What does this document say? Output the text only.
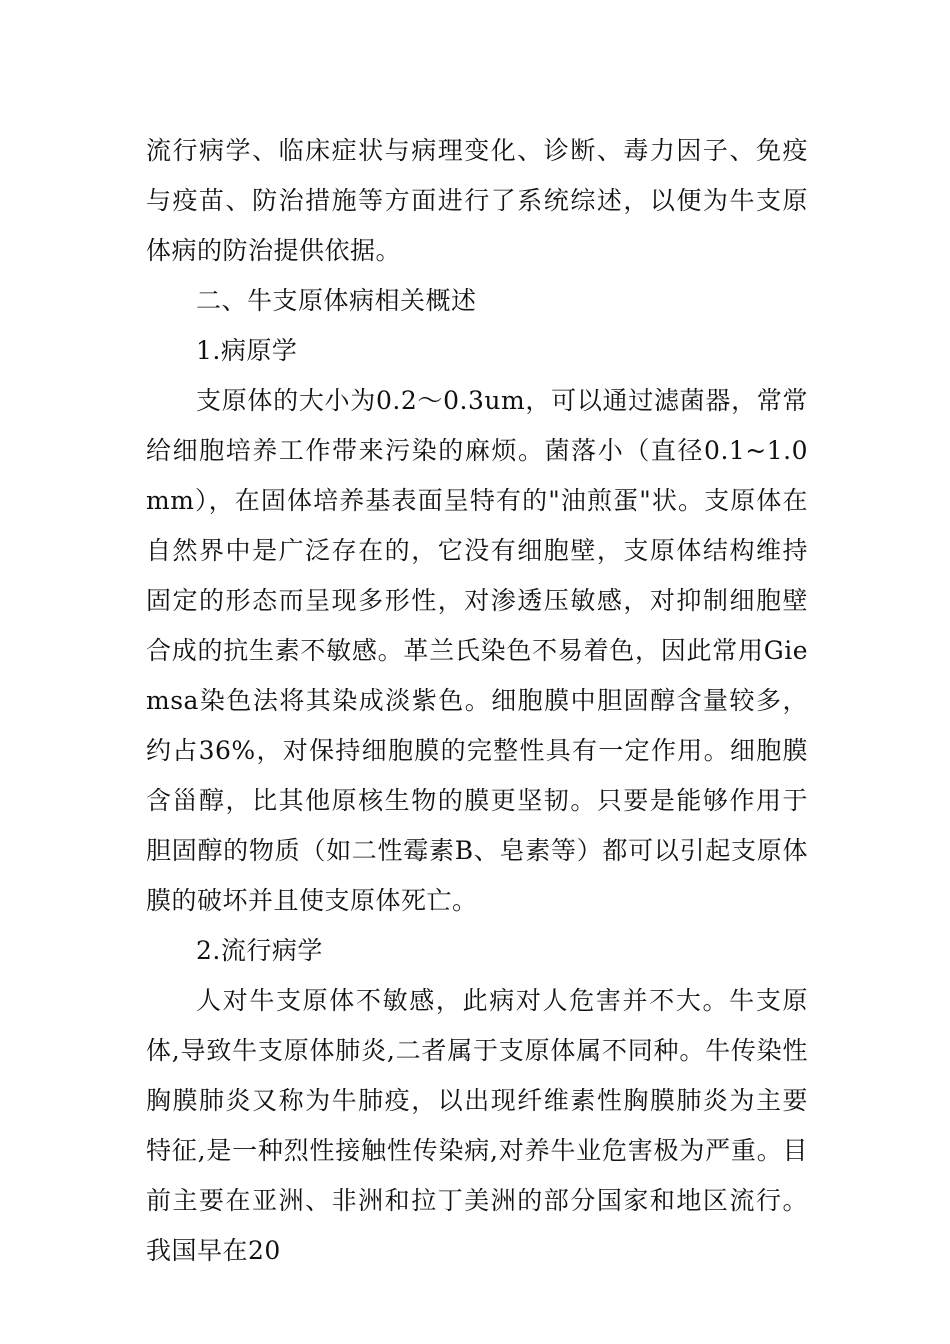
流行病学、临床症状与病理变化、诊断、毒力因子、免疫与疫苗、防治措施等方面进行了系统综述，以便为牛支原体病的防治提供依据。

二、牛支原体病相关概述

1.病原学

支原体的大小为0.2～0.3um，可以通过滤菌器，常常给细胞培养工作带来污染的麻烦。菌落小（直径0.1~1.0mm），在固体培养基表面呈特有的"油煎蛋"状。支原体在自然界中是广泛存在的，它没有细胞壁，支原体结构维持固定的形态而呈现多形性，对渗透压敏感，对抑制细胞壁合成的抗生素不敏感。革兰氏染色不易着色，因此常用Giemsa染色法将其染成淡紫色。细胞膜中胆固醇含量较多，约占36%，对保持细胞膜的完整性具有一定作用。细胞膜含甾醇，比其他原核生物的膜更坚韧。只要是能够作用于胆固醇的物质（如二性霉素B、皂素等）都可以引起支原体膜的破坏并且使支原体死亡。

2.流行病学

人对牛支原体不敏感，此病对人危害并不大。牛支原体,导致牛支原体肺炎,二者属于支原体属不同种。牛传染性胸膜肺炎又称为牛肺疫，以出现纤维素性胸膜肺炎为主要特征,是一种烈性接触性传染病,对养牛业危害极为严重。目前主要在亚洲、非洲和拉丁美洲的部分国家和地区流行。我国早在20
